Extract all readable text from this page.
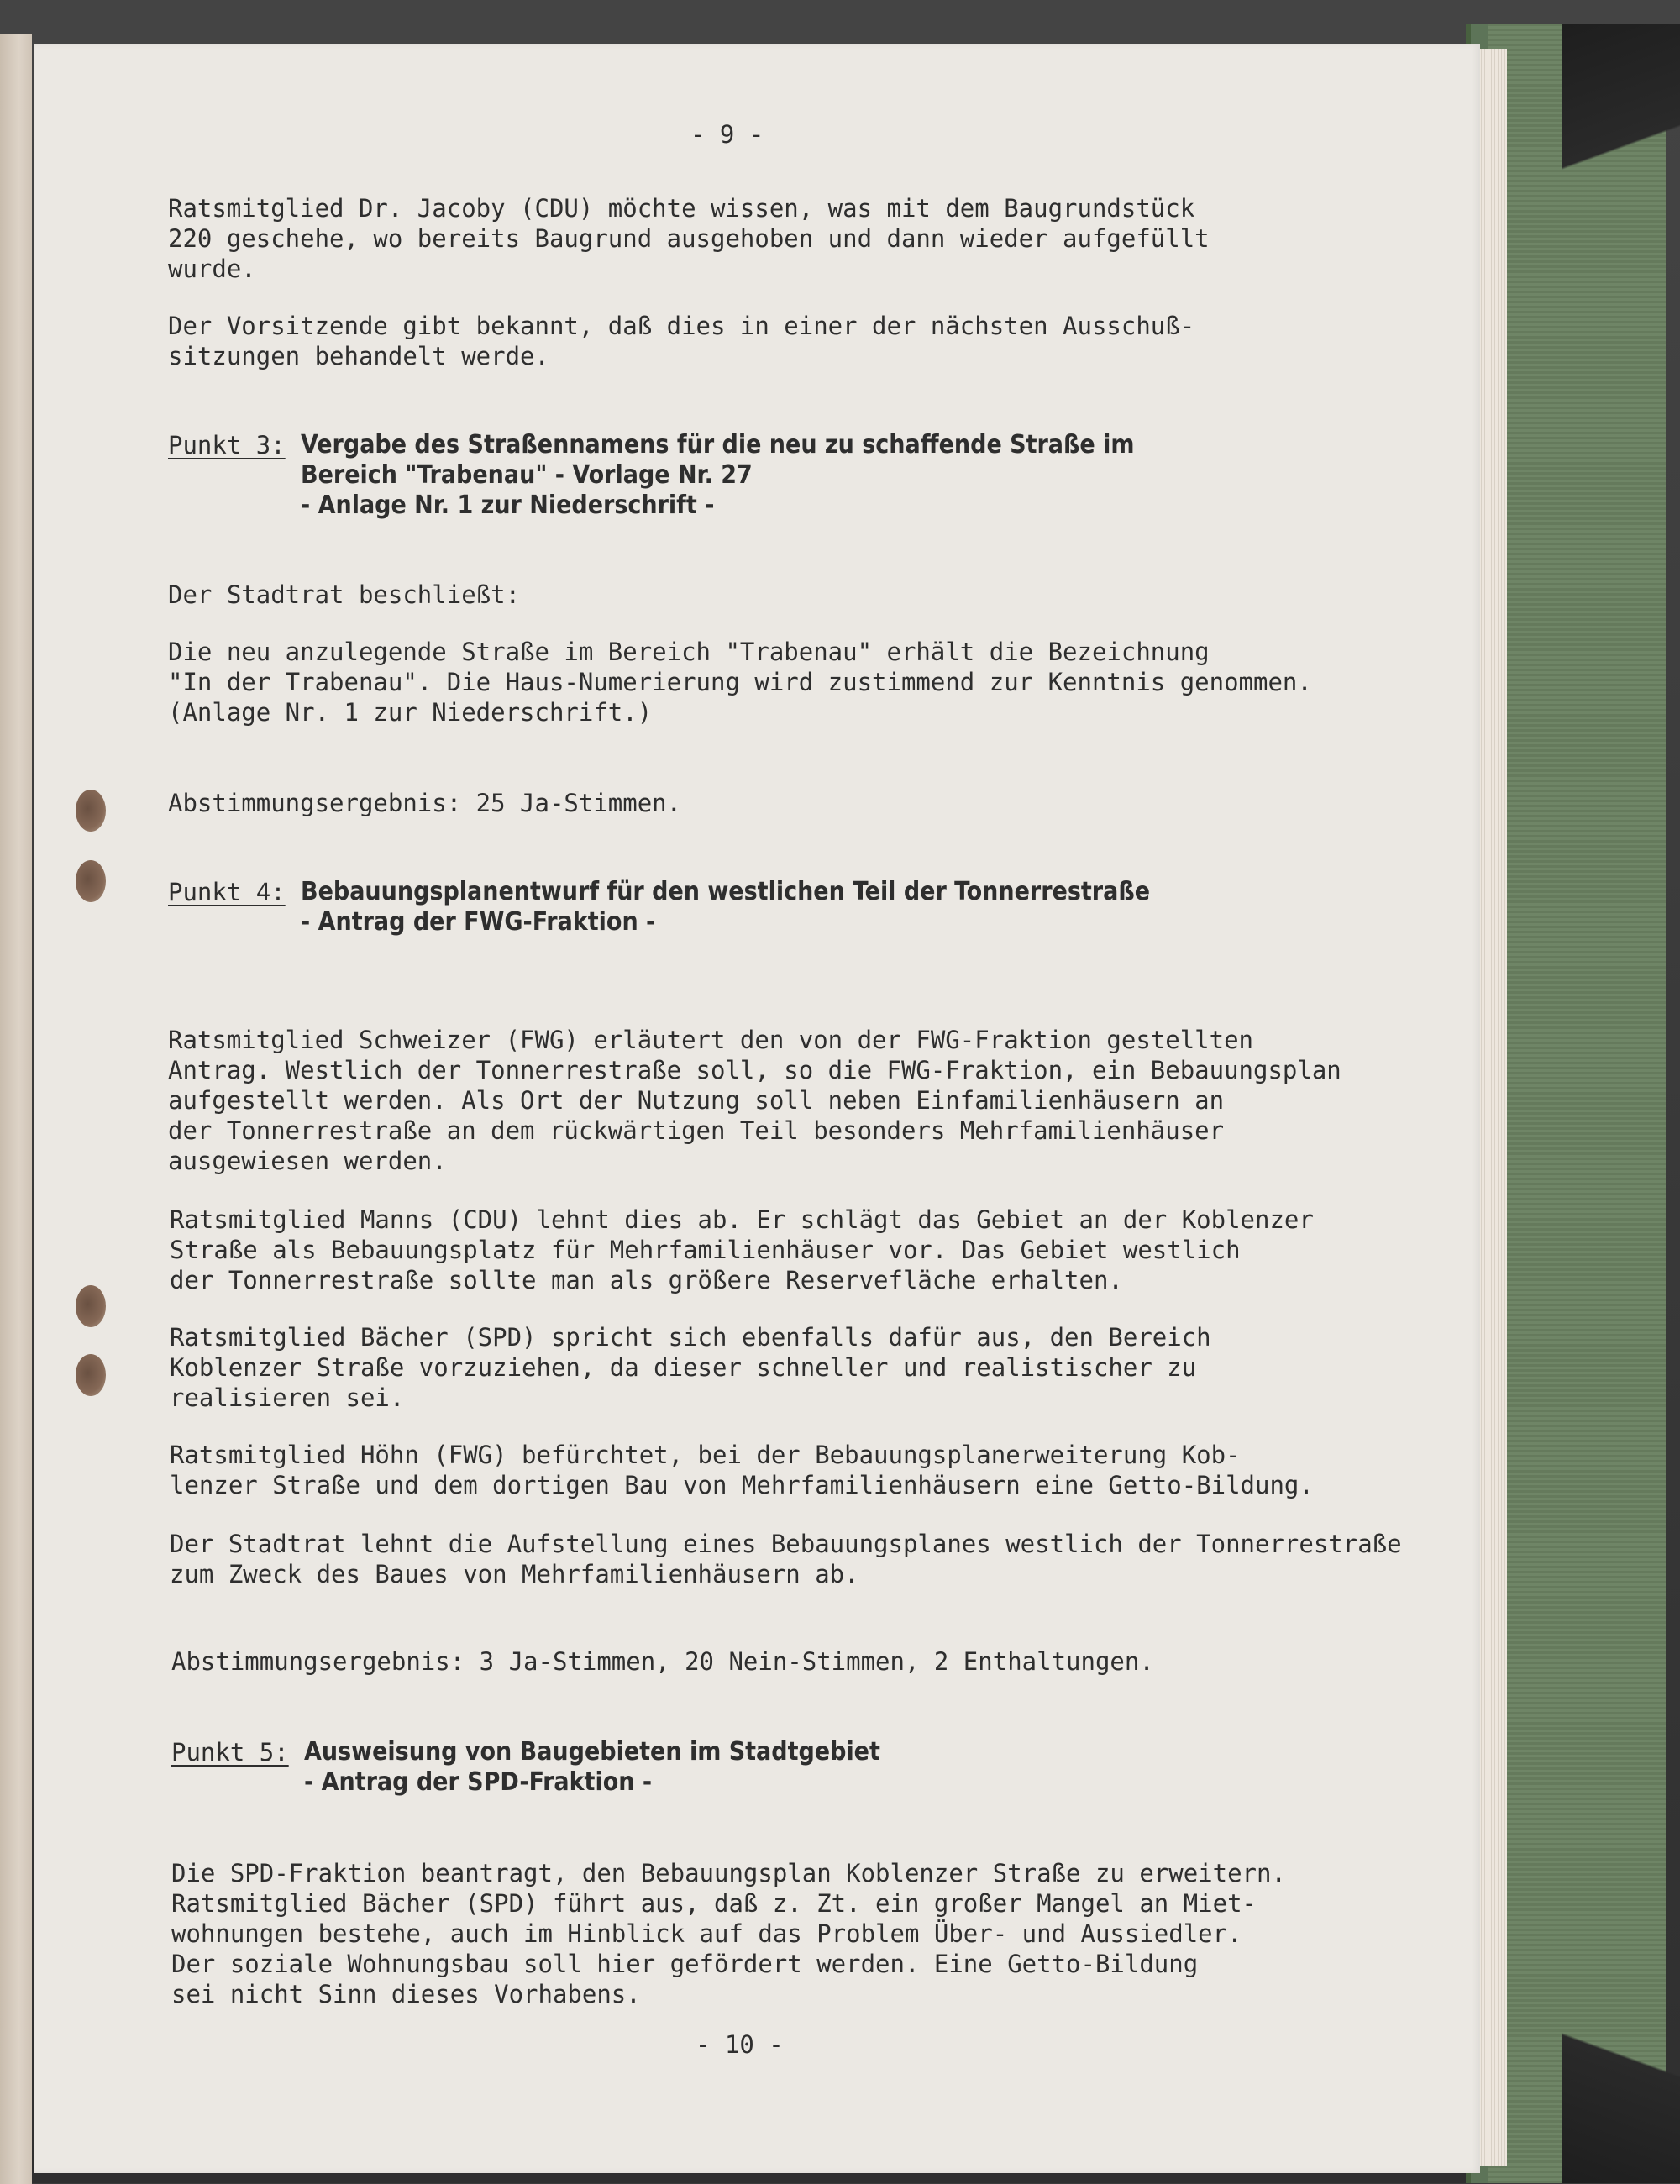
- 9 -
Ratsmitglied Dr. Jacoby (CDU) möchte wissen, was mit dem Baugrundstück
220 geschehe, wo bereits Baugrund ausgehoben und dann wieder aufgefüllt
wurde.
Der Vorsitzende gibt bekannt, daß dies in einer der nächsten Ausschuß-
sitzungen behandelt werde.
Punkt 3: Vergabe des Straßennamens für die neu zu schaffende Straße im
Bereich "Trabenau" - Vorlage Nr. 27
- Anlage Nr. 1 zur Niederschrift -
Der Stadtrat beschließt:
Die neu anzulegende Straße im Bereich "Trabenau" erhält die Bezeichnung
"In der Trabenau". Die Haus-Numerierung wird zustimmend zur Kenntnis genommen.
(Anlage Nr. 1 zur Niederschrift.)
Abstimmungsergebnis: 25 Ja-Stimmen.
Punkt 4: Bebauungsplanentwurf für den westlichen Teil der Tonnerrestraße
- Antrag der FWG-Fraktion -
Ratsmitglied Schweizer (FWG) erläutert den von der FWG-Fraktion gestellten
Antrag. Westlich der Tonnerrestraße soll, so die FWG-Fraktion, ein Bebauungsplan
aufgestellt werden. Als Ort der Nutzung soll neben Einfamilienhäusern an
der Tonnerrestraße an dem rückwärtigen Teil besonders Mehrfamilienhäuser
ausgewiesen werden.
Ratsmitglied Manns (CDU) lehnt dies ab. Er schlägt das Gebiet an der Koblenzer
Straße als Bebauungsplatz für Mehrfamilienhäuser vor. Das Gebiet westlich
der Tonnerrestraße sollte man als größere Reservefläche erhalten.
Ratsmitglied Bächer (SPD) spricht sich ebenfalls dafür aus, den Bereich
Koblenzer Straße vorzuziehen, da dieser schneller und realistischer zu
realisieren sei.
Ratsmitglied Höhn (FWG) befürchtet, bei der Bebauungsplanerweiterung Kob-
lenzer Straße und dem dortigen Bau von Mehrfamilienhäusern eine Getto-Bildung.
Der Stadtrat lehnt die Aufstellung eines Bebauungsplanes westlich der Tonnerrestraße
zum Zweck des Baues von Mehrfamilienhäusern ab.
Abstimmungsergebnis: 3 Ja-Stimmen, 20 Nein-Stimmen, 2 Enthaltungen.
Punkt 5: Ausweisung von Baugebieten im Stadtgebiet
- Antrag der SPD-Fraktion -
Die SPD-Fraktion beantragt, den Bebauungsplan Koblenzer Straße zu erweitern.
Ratsmitglied Bächer (SPD) führt aus, daß z. Zt. ein großer Mangel an Miet-
wohnungen bestehe, auch im Hinblick auf das Problem Über- und Aussiedler.
Der soziale Wohnungsbau soll hier gefördert werden. Eine Getto-Bildung
sei nicht Sinn dieses Vorhabens.
- 10 -
